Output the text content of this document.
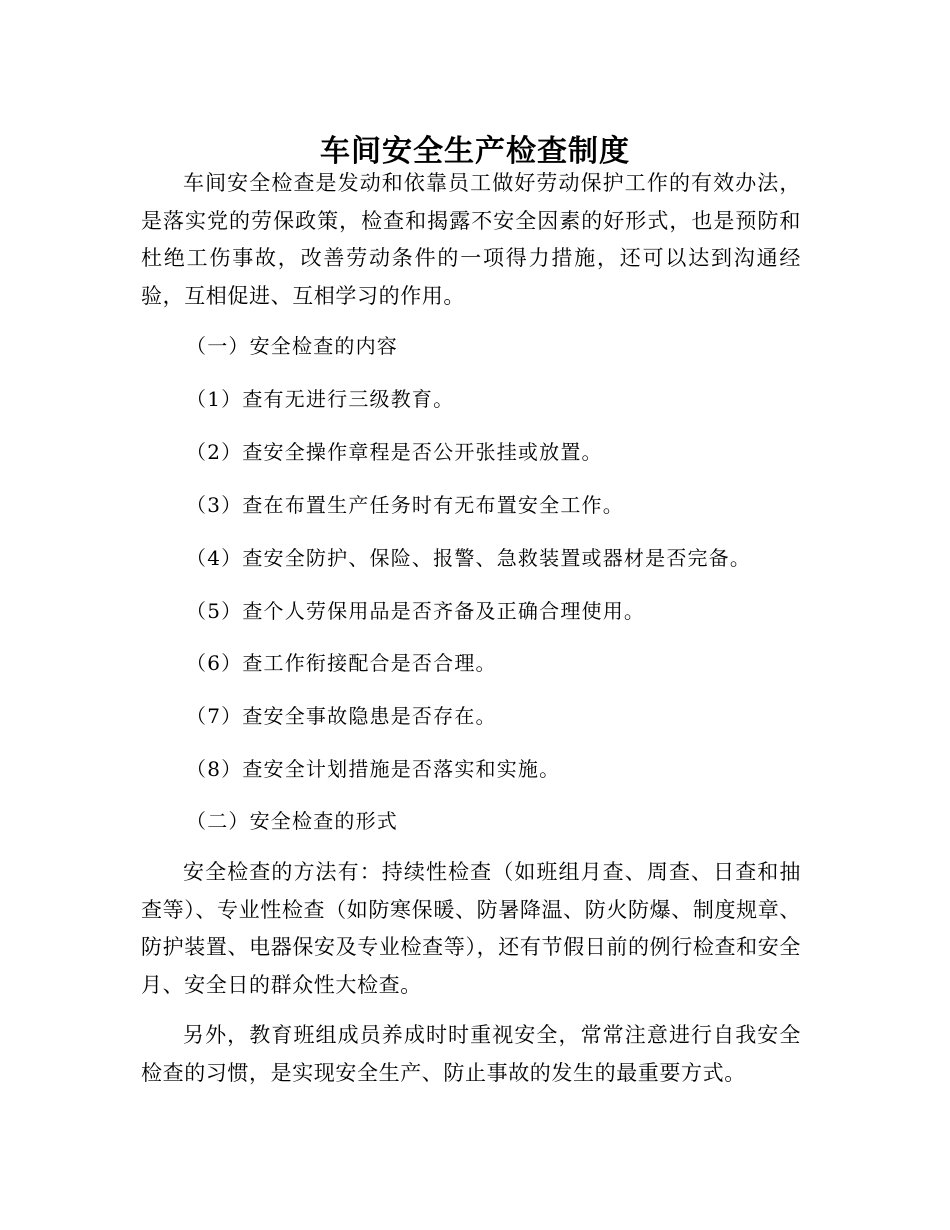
车间安全生产检查制度

车间安全检查是发动和依靠员工做好劳动保护工作的有效办法，是落实党的劳保政策，检查和揭露不安全因素的好形式，也是预防和杜绝工伤事故，改善劳动条件的一项得力措施，还可以达到沟通经验，互相促进、互相学习的作用。

（一）安全检查的内容

（1）查有无进行三级教育。

（2）查安全操作章程是否公开张挂或放置。

（3）查在布置生产任务时有无布置安全工作。

（4）查安全防护、保险、报警、急救装置或器材是否完备。

（5）查个人劳保用品是否齐备及正确合理使用。

（6）查工作衔接配合是否合理。

（7）查安全事故隐患是否存在。

（8）查安全计划措施是否落实和实施。

（二）安全检查的形式

安全检查的方法有：持续性检查（如班组月查、周查、日查和抽查等）、专业性检查（如防寒保暖、防暑降温、防火防爆、制度规章、防护装置、电器保安及专业检查等），还有节假日前的例行检查和安全月、安全日的群众性大检查。

另外，教育班组成员养成时时重视安全，常常注意进行自我安全检查的习惯，是实现安全生产、防止事故的发生的最重要方式。
